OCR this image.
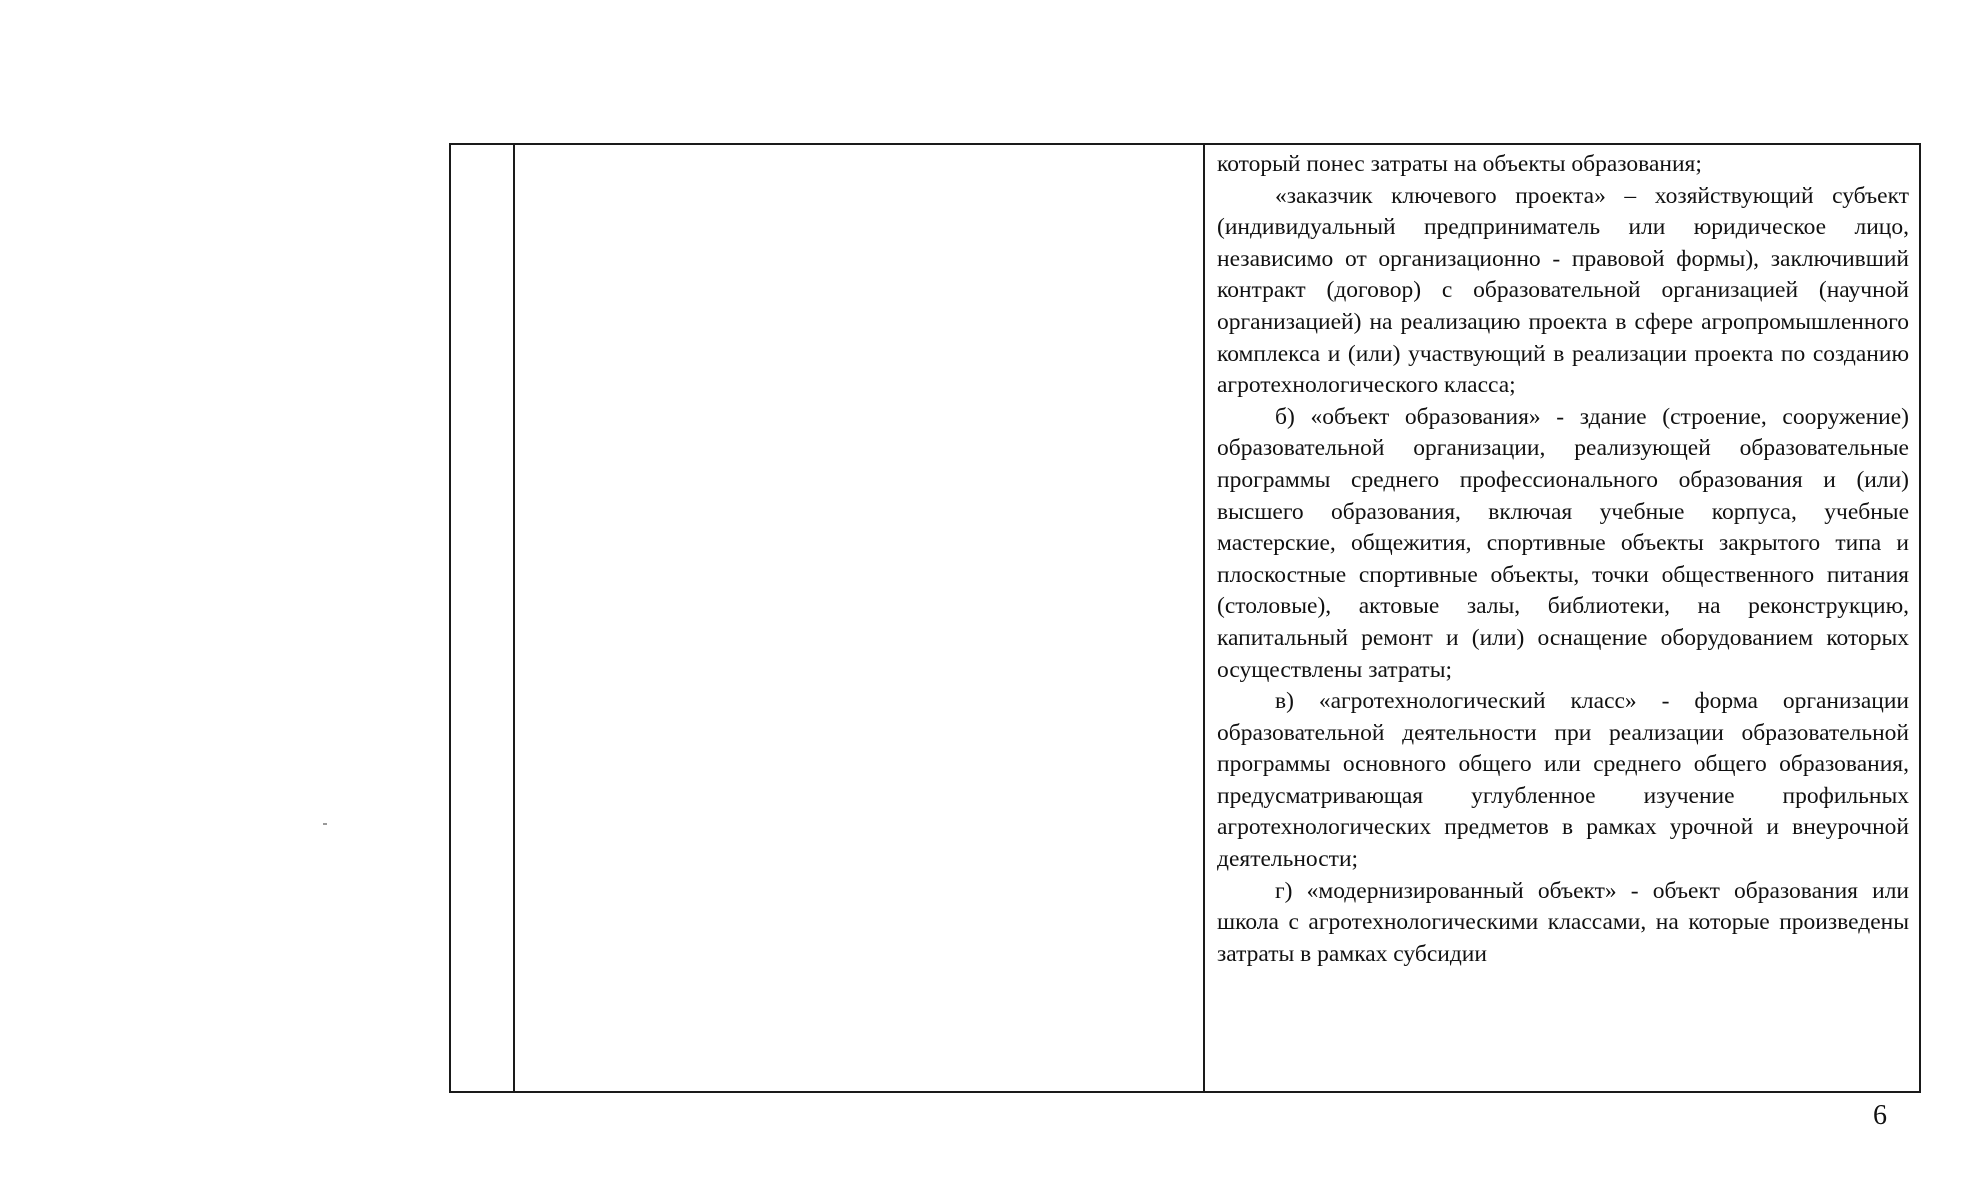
который понес затраты на объекты образования;

«заказчик ключевого проекта» – хозяйствующий субъект (индивидуальный предприниматель или юридическое лицо, независимо от организационно - правовой формы), заключивший контракт (договор) с образовательной организацией (научной организацией) на реализацию проекта в сфере агропромышленного комплекса и (или) участвующий в реализации проекта по созданию агротехнологического класса;

б) «объект образования» - здание (строение, сооружение) образовательной организации, реализующей образовательные программы среднего профессионального образования и (или) высшего образования, включая учебные корпуса, учебные мастерские, общежития, спортивные объекты закрытого типа и плоскостные спортивные объекты, точки общественного питания (столовые), актовые залы, библиотеки, на реконструкцию, капитальный ремонт и (или) оснащение оборудованием которых осуществлены затраты;

в) «агротехнологический класс» - форма организации образовательной деятельности при реализации образовательной программы основного общего или среднего общего образования, предусматривающая углубленное изучение профильных агротехнологических предметов в рамках урочной и внеурочной деятельности;

г) «модернизированный объект» - объект образования или школа с агротехнологическими классами, на которые произведены затраты в рамках субсидии

6
